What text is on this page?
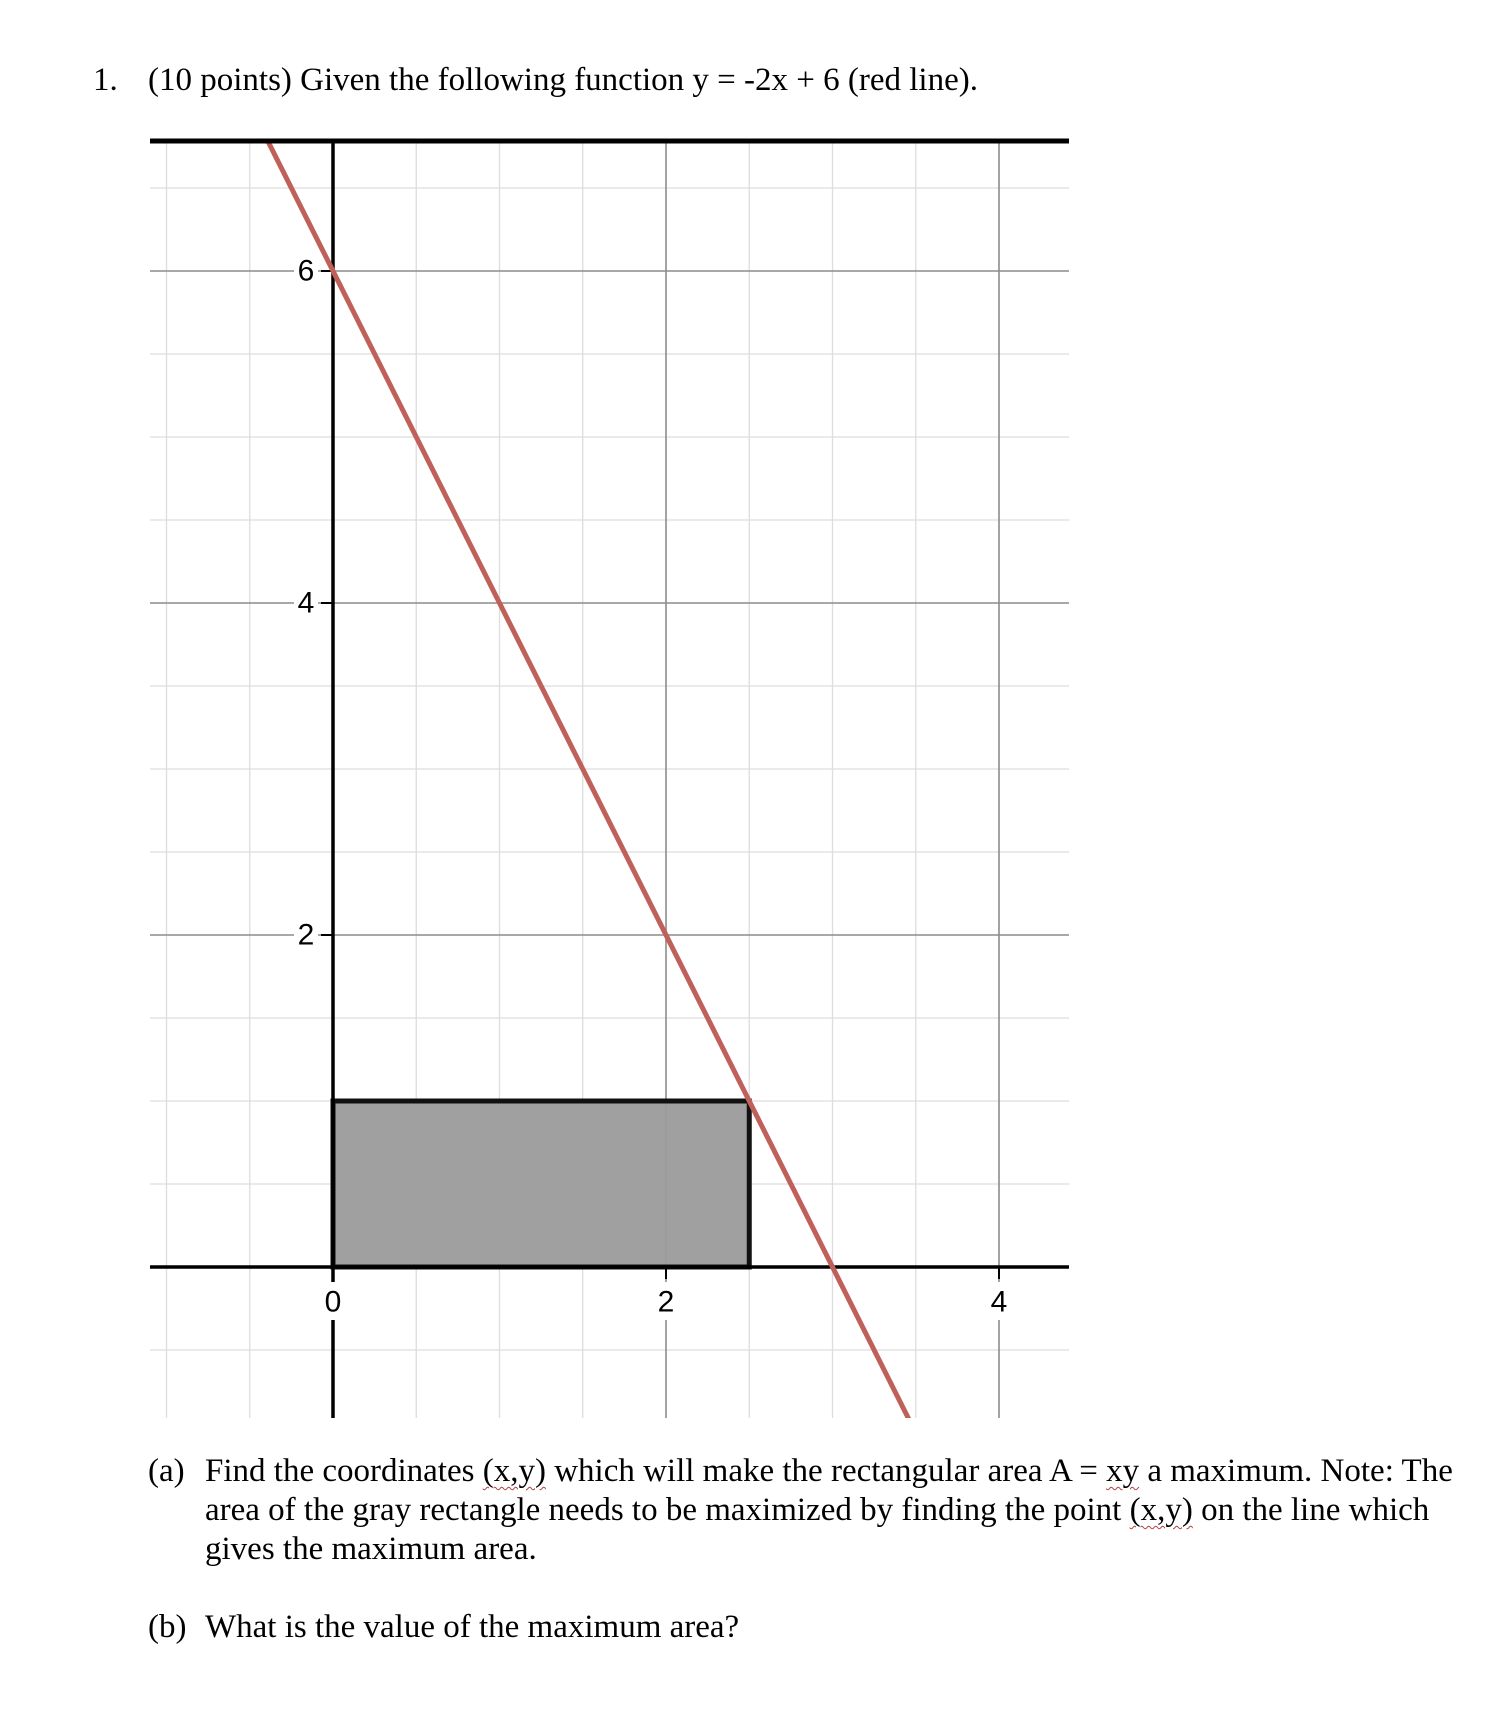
1. (10 points) Given the following function y = -2x + 6 (red line).
0	2	4
2
4
6
(a) Find the coordinates (x,y) which will make the rectangular area A = xy a maximum. Note: The area of the gray rectangle needs to be maximized by finding the point (x,y) on the line which gives the maximum area.
(b) What is the value of the maximum area?
